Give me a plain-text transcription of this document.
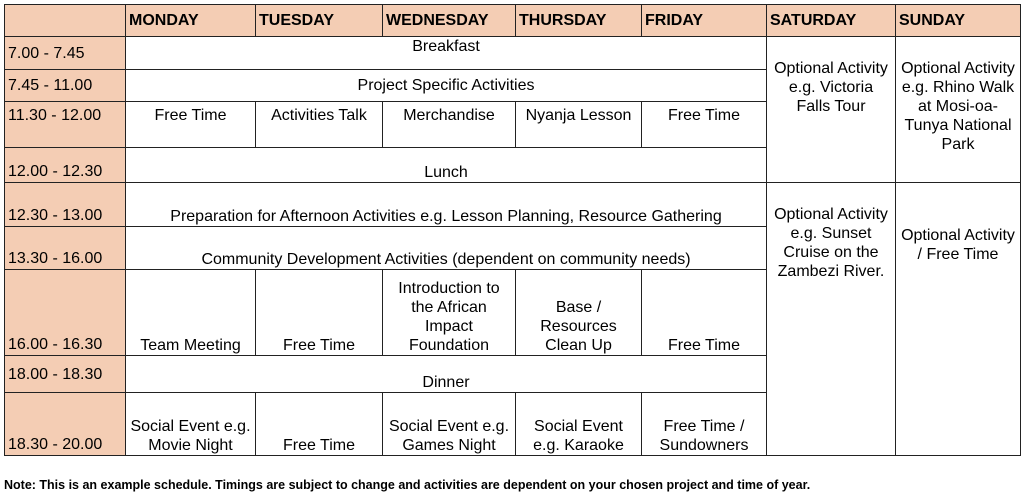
	MONDAY	TUESDAY	WEDNESDAY	THURSDAY	FRIDAY	SATURDAY	SUNDAY
7.00 - 7.45	Breakfast					Optional Activity e.g. Victoria Falls Tour	Optional Activity e.g. Rhino Walk at Mosi-oa-Tunya National Park
7.45 - 11.00	Project Specific Activities						
11.30 - 12.00	Free Time	Activities Talk	Merchandise	Nyanja Lesson	Free Time		
12.00 - 12.30	Lunch						
12.30 - 13.00	Preparation for Afternoon Activities e.g. Lesson Planning, Resource Gathering					Optional Activity e.g. Sunset Cruise on the Zambezi River.	Optional Activity / Free Time
13.30 - 16.00	Community Development Activities (dependent on community needs)						
16.00 - 16.30	Team Meeting	Free Time	Introduction to the African Impact Foundation	Base / Resources Clean Up	Free Time		
18.00 - 18.30	Dinner						
18.30 - 20.00	Social Event e.g. Movie Night	Free Time	Social Event e.g. Games Night	Social Event e.g. Karaoke	Free Time / Sundowners		
Note: This is an example schedule. Timings are subject to change and activities are dependent on your chosen project and time of year.
